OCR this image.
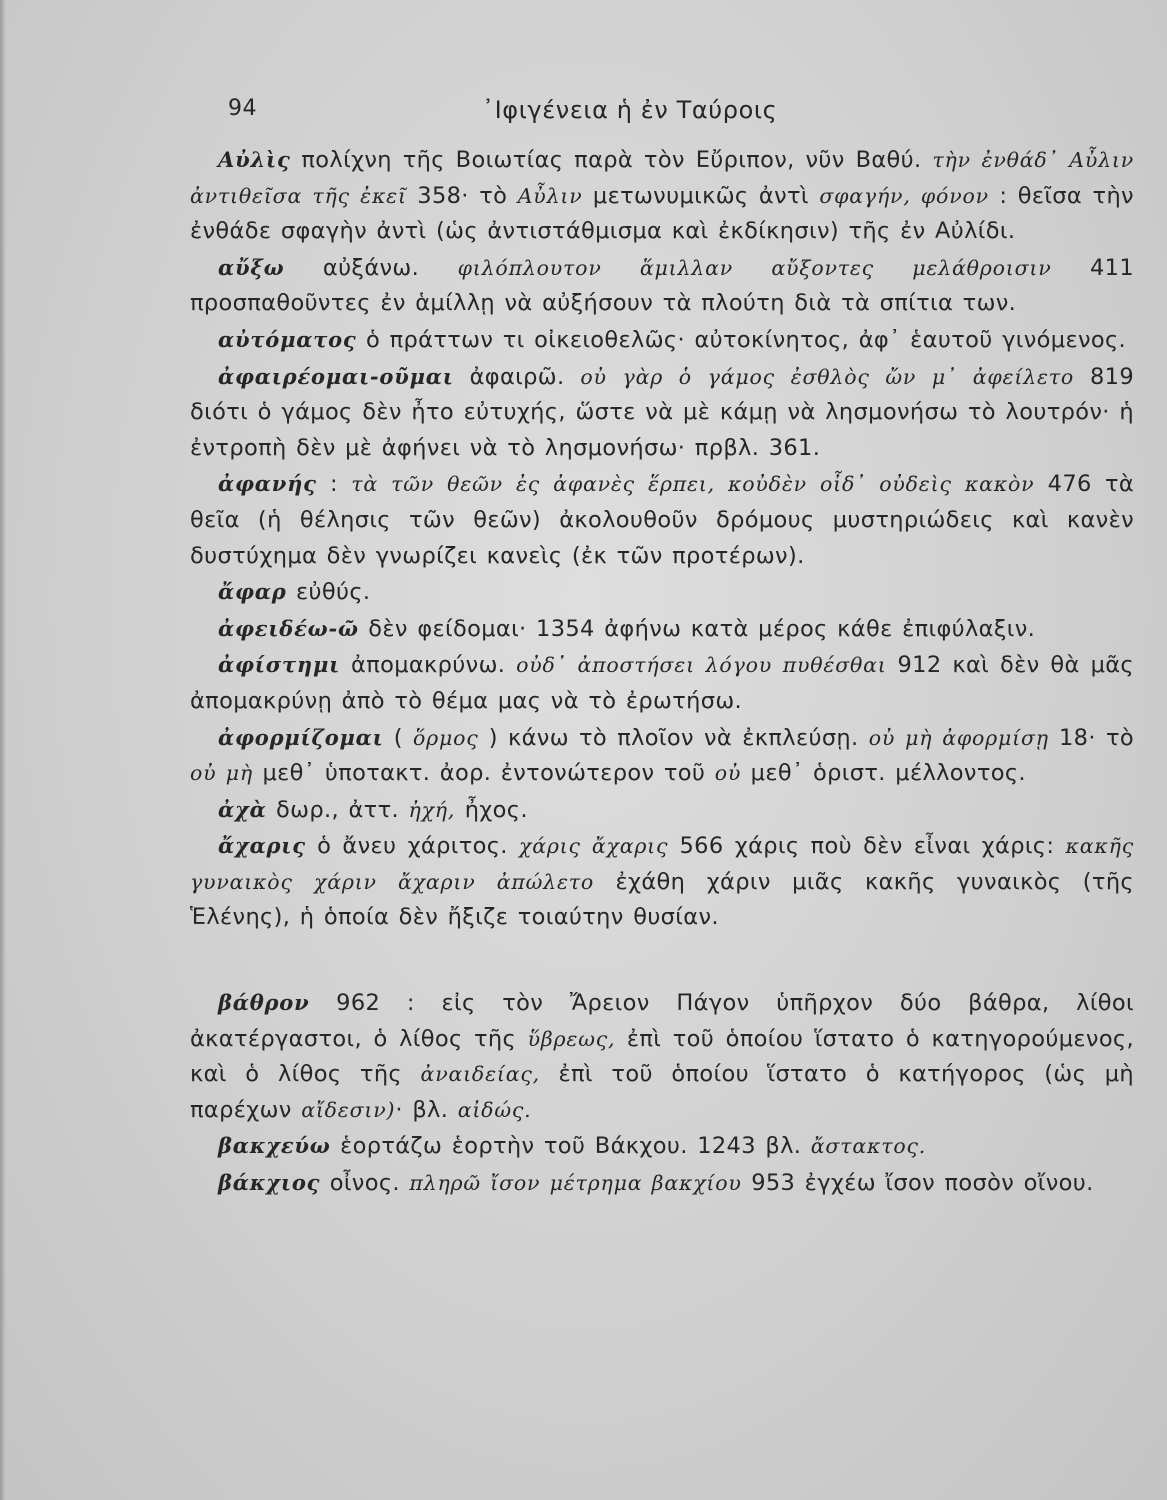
94	᾿Ιφιγένεια ἡ ἐν Ταύροις

Αὐλὶς πολίχνη τῆς Βοιωτίας παρὰ τὸν Εὔριπον, νῦν Βαθύ. τὴν ἐνθάδ᾽ Αὖλιν ἀντιθεῖσα τῆς ἐκεῖ 358· τὸ Αὖλιν μετωνυμικῶς ἀντὶ σφαγήν, φόνον : θεῖσα τὴν ἐνθάδε σφαγὴν ἀντὶ (ὡς ἀντιστάθμισμα καὶ ἐκδίκησιν) τῆς ἐν Αὐλίδι.

αὔξω αὐξάνω. φιλόπλουτον ἅμιλλαν αὔξοντες μελάθροισιν 411 προσπαθοῦντες ἐν ἁμίλλῃ νὰ αὐξήσουν τὰ πλούτη διὰ τὰ σπίτια των.

αὐτόματος ὁ πράττων τι οἰκειοθελῶς· αὐτοκίνητος, ἀφ᾽ ἑαυτοῦ γινόμενος.

ἀφαιρέομαι-οῦμαι ἀφαιρῶ. οὐ γὰρ ὁ γάμος ἐσθλὸς ὤν μ᾽ ἀφείλετο 819 διότι ὁ γάμος δὲν ἦτο εὐτυχής, ὥστε νὰ μὲ κάμῃ νὰ λησμονήσω τὸ λουτρόν· ἡ ἐντροπὴ δὲν μὲ ἀφήνει νὰ τὸ λησμονήσω· πρβλ. 361.

ἀφανής : τὰ τῶν θεῶν ἐς ἀφανὲς ἕρπει, κοὐδὲν οἶδ᾽ οὐδεὶς κακὸν 476 τὰ θεῖα (ἡ θέλησις τῶν θεῶν) ἀκολουθοῦν δρόμους μυστηριώδεις καὶ κανὲν δυστύχημα δὲν γνωρίζει κανεὶς (ἐκ τῶν προτέρων).

ἄφαρ εὐθύς.

ἀφειδέω-ῶ δὲν φείδομαι· 1354 ἀφήνω κατὰ μέρος κάθε ἐπιφύλαξιν.

ἀφίστημι ἀπομακρύνω. οὐδ᾽ ἀποστήσει λόγου πυθέσθαι 912 καὶ δὲν θὰ μᾶς ἀπομακρύνῃ ἀπὸ τὸ θέμα μας νὰ τὸ ἐρωτήσω.

ἀφορμίζομαι ( ὅρμος ) κάνω τὸ πλοῖον νὰ ἐκπλεύσῃ. οὐ μὴ ἀφορμίσῃ 18· τὸ οὐ μὴ μεθ᾽ ὑποτακτ. ἀορ. ἐντονώτερον τοῦ οὐ μεθ᾽ ὁριστ. μέλλοντος.

ἀχὰ δωρ., ἀττ. ἠχή, ἦχος.

ἄχαρις ὁ ἄνευ χάριτος. χάρις ἄχαρις 566 χάρις ποὺ δὲν εἶναι χάρις: κακῆς γυναικὸς χάριν ἄχαριν ἀπώλετο ἐχάθη χάριν μιᾶς κακῆς γυναικὸς (τῆς Ἑλένης), ἡ ὁποία δὲν ἤξιζε τοιαύτην θυσίαν.

βάθρον 962 : εἰς τὸν Ἄρειον Πάγον ὑπῆρχον δύο βάθρα, λίθοι ἀκατέργαστοι, ὁ λίθος τῆς ὕβρεως, ἐπὶ τοῦ ὁποίου ἵστατο ὁ κατηγορούμενος, καὶ ὁ λίθος τῆς ἀναιδείας, ἐπὶ τοῦ ὁποίου ἵστατο ὁ κατήγορος (ὡς μὴ παρέχων αἴδεσιν)· βλ. αἰδώς.

βακχεύω ἑορτάζω ἑορτὴν τοῦ Βάκχου. 1243 βλ. ἄστακτος.

βάκχιος οἶνος. πληρῶ ἴσον μέτρημα βακχίου 953 ἐγχέω ἴσον ποσὸν οἴνου.
